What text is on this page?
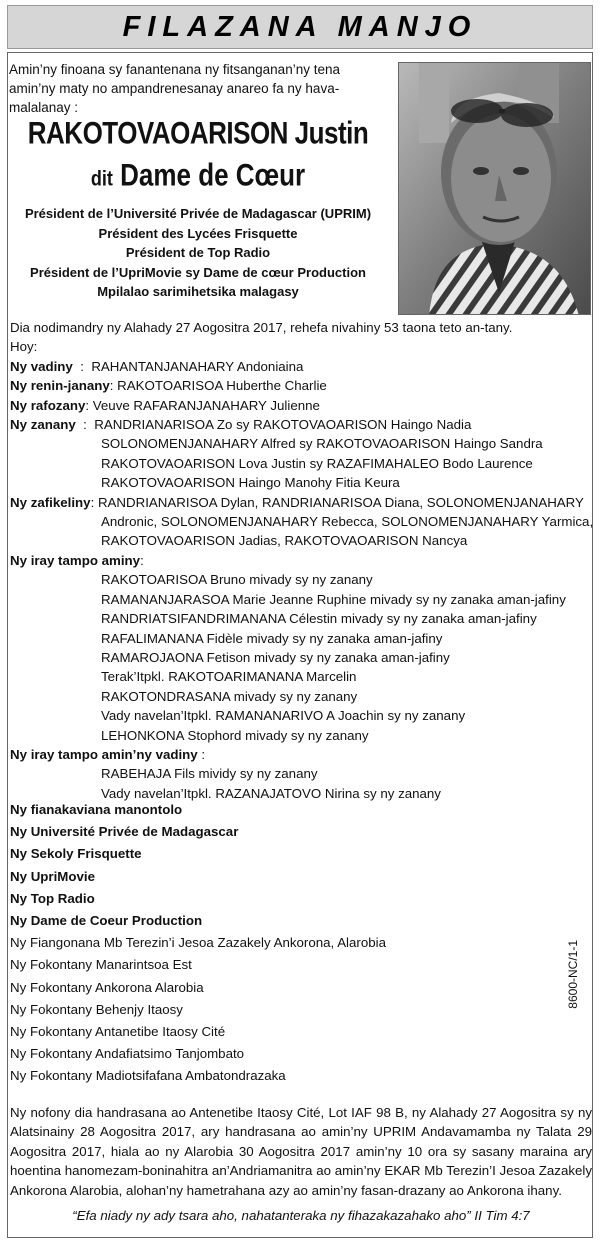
FILAZANA MANJO
Amin’ny finoana sy fanantenana ny fitsanganan’ny tena amin’ny maty no ampandrenesanay anareo fa ny hava-malalanay :
RAKOTOVAOARISON Justin
dit Dame de Cœur
Président de l’Université Privée de Madagascar (UPRIM)
Président des Lycées Frisquette
Président de Top Radio
Président de l’UpriMovie sy Dame de cœur Production
Mpilalao sarimihetsika malagasy
Dia nodimandry ny Alahady 27 Aogositra 2017, rehefa nivahiny 53 taona teto an-tany.
Hoy:
Ny vadiny  :  RAHANTANJANAHARY Andoniaina
Ny renin-janany: RAKOTOARISOA Huberthe Charlie
Ny rafozany: Veuve RAFARANJANAHARY Julienne
Ny zanany  :  RANDRIANARISOA Zo sy RAKOTOVAOARISON Haingo Nadia
SOLONOMENJANAHARY Alfred sy RAKOTOVAOARISON Haingo Sandra
RAKOTOVAOARISON Lova Justin sy RAZAFIMAHALEO Bodo Laurence
RAKOTOVAOARISON Haingo Manohy Fitia Keura
Ny zafikeliny: RANDRIANARISOA Dylan, RANDRIANARISOA Diana, SOLONOMENJANAHARY
Andronic, SOLONOMENJANAHARY Rebecca, SOLONOMENJANAHARY Yarmica,
RAKOTOVAOARISON Jadias, RAKOTOVAOARISON Nancya
Ny iray tampo aminy:
RAKOTOARISOA Bruno mivady sy ny zanany
RAMANANJARASOA Marie Jeanne Ruphine mivady sy ny zanaka aman-jafiny
RANDRIATSIFANDRIMANANA Célestin mivady sy ny zanaka aman-jafiny
RAFALIMANANA Fidèle mivady sy ny zanaka aman-jafiny
RAMAROJAONA Fetison mivady sy ny zanaka aman-jafiny
Terak’Itpkl. RAKOTOARIMANANA Marcelin
RAKOTONDRASANA mivady sy ny zanany
Vady navelan’Itpkl. RAMANANARIVO A Joachin sy ny zanany
LEHONKONA Stophord mivady sy ny zanany
Ny iray tampo amin’ny vadiny :
RABEHAJA Fils mividy sy ny zanany
Vady navelan’Itpkl. RAZANAJATOVO Nirina sy ny zanany
Ny fianakaviana manontolo
Ny Université Privée de Madagascar
Ny Sekoly Frisquette
Ny UpriMovie
Ny Top Radio
Ny Dame de Coeur Production
Ny Fiangonana Mb Terezin’i Jesoa Zazakely Ankorona, Alarobia
Ny Fokontany Manarintsoa Est
Ny Fokontany Ankorona Alarobia
Ny Fokontany Behenjy Itaosy
Ny Fokontany Antanetibe Itaosy Cité
Ny Fokontany Andafiatsimo Tanjombato
Ny Fokontany Madiotsifafana Ambatondrazaka
8600-NC/1-1
Ny nofony dia handrasana ao Antenetibe Itaosy Cité, Lot IAF 98 B, ny Alahady 27 Aogositra sy ny Alatsinainy 28 Aogositra 2017, ary handrasana ao amin’ny UPRIM Andavamamba ny Talata 29 Aogositra 2017, hiala ao ny Alarobia 30 Aogositra 2017 amin’ny 10 ora sy sasany maraina ary hoentina hanomezam-boninahitra an’Andriamanitra ao amin’ny EKAR Mb Terezin’I Jesoa Zazakely Ankorona Alarobia, alohan’ny hametrahana azy ao amin’ny fasan-drazany ao Ankorona ihany.
“Efa niady ny ady tsara aho, nahatanteraka ny fihazakazahako aho” II Tim 4:7
